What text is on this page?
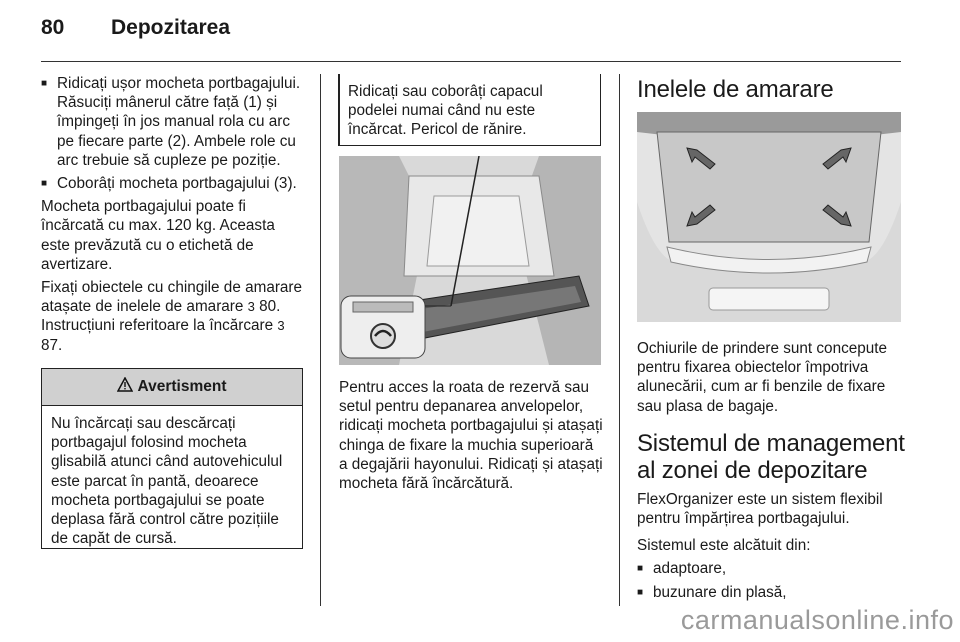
80	Depozitarea
■ Ridicați ușor mocheta portbagajului. Răsuciți mânerul către față (1) și împingeți în jos manual rola cu arc pe fiecare parte (2). Ambele role cu arc trebuie să cupleze pe poziție.
■ Coborâți mocheta portbagajului (3).

Mocheta portbagajului poate fi încărcată cu max. 120 kg. Aceasta este prevăzută cu o etichetă de avertizare.

Fixați obiectele cu chingile de amarare atașate de inelele de amarare 3 80. Instrucțiuni referitoare la încărcare 3 87.

Avertisment
Nu încărcați sau descărcați portbagajul folosind mocheta glisabilă atunci când autovehiculul este parcat în pantă, deoarece mocheta portbagajului se poate deplasa fără control către pozițiile de capăt de cursă.
Ridicați sau coborâți capacul podelei numai când nu este încărcat. Pericol de rănire.
Pentru acces la roata de rezervă sau setul pentru depanarea anvelopelor, ridicați mocheta portbagajului și atașați chinga de fixare la muchia superioară a degajării hayonului. Ridicați și atașați mocheta fără încărcătură.
Inelele de amarare

Ochiurile de prindere sunt concepute pentru fixarea obiectelor împotriva alunecării, cum ar fi benzile de fixare sau plasa de bagaje.

Sistemul de management al zonei de depozitare

FlexOrganizer este un sistem flexibil pentru împărțirea portbagajului.

Sistemul este alcătuit din:

■ adaptoare,
■ buzunare din plasă,
carmanualsonline.info
